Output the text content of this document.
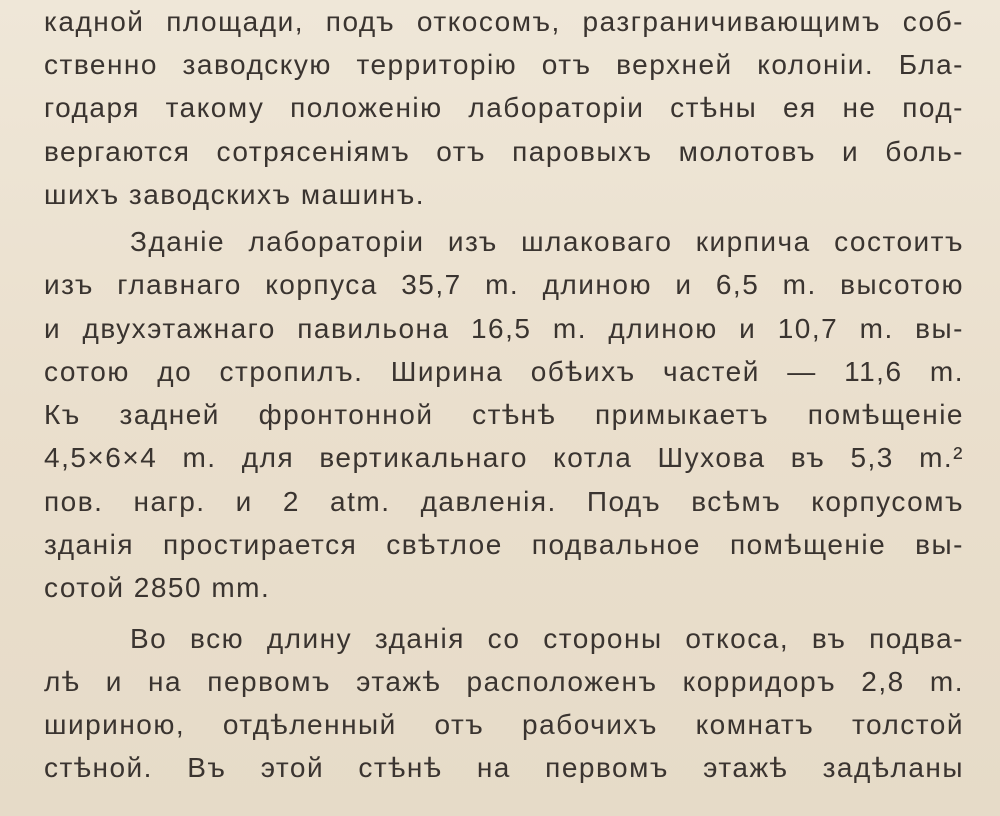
кадной площади, подъ откосомъ, разграничивающимъ соб-
ственно заводскую территорію отъ верхней колоніи. Бла-
годаря такому положенію лабораторіи стѣны ея не под-
вергаются сотрясеніямъ отъ паровыхъ молотовъ и боль-
шихъ заводскихъ машинъ.
Зданіе лабораторіи изъ шлаковаго кирпича состоитъ
изъ главнаго корпуса 35,7 m. длиною и 6,5 m. высотою
и двухэтажнаго павильона 16,5 m. длиною и 10,7 m. вы-
сотою до стропилъ. Ширина обѣихъ частей — 11,6 m.
Къ задней фронтонной стѣнѣ примыкаетъ помѣщеніе
4,5×6×4 m. для вертикальнаго котла Шухова въ 5,3 m.²
пов. нагр. и 2 atm. давленія. Подъ всѣмъ корпусомъ
зданія простирается свѣтлое подвальное помѣщеніе вы-
сотой 2850 mm.
Во всю длину зданія со стороны откоса, въ подва-
лѣ и на первомъ этажѣ расположенъ корридоръ 2,8 m.
шириною, отдѣленный отъ рабочихъ комнатъ толстой
стѣной. Въ этой стѣнѣ на первомъ этажѣ задѣланы
